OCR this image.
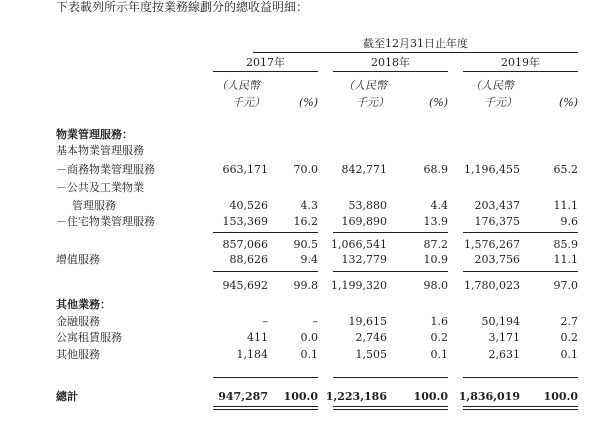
下表載列所示年度按業務線劃分的總收益明細：
截至12月31日止年度
2017年	2018年	2019年
（人民幣
千元）	(%)
（人民幣
千元）	(%)
（人民幣
千元）	(%)
物業管理服務：
基本物業管理服務
－商務物業管理服務	663,171	70.0	842,771	68.9	1,196,455	65.2
－公共及工業物業
管理服務	40,526	4.3	53,880	4.4	203,437	11.1
－住宅物業管理服務	153,369	16.2	169,890	13.9	176,375	9.6
857,066	90.5	1,066,541	87.2	1,576,267	85.9
增值服務	88,626	9.4	132,779	10.9	203,756	11.1
945,692	99.8	1,199,320	98.0	1,780,023	97.0
其他業務：
金融服務	–	–	19,615	1.6	50,194	2.7
公寓租賃服務	411	0.0	2,746	0.2	3,171	0.2
其他服務	1,184	0.1	1,505	0.1	2,631	0.1
總計	947,287	100.0 1,223,186	100.0 1,836,019	100.0
